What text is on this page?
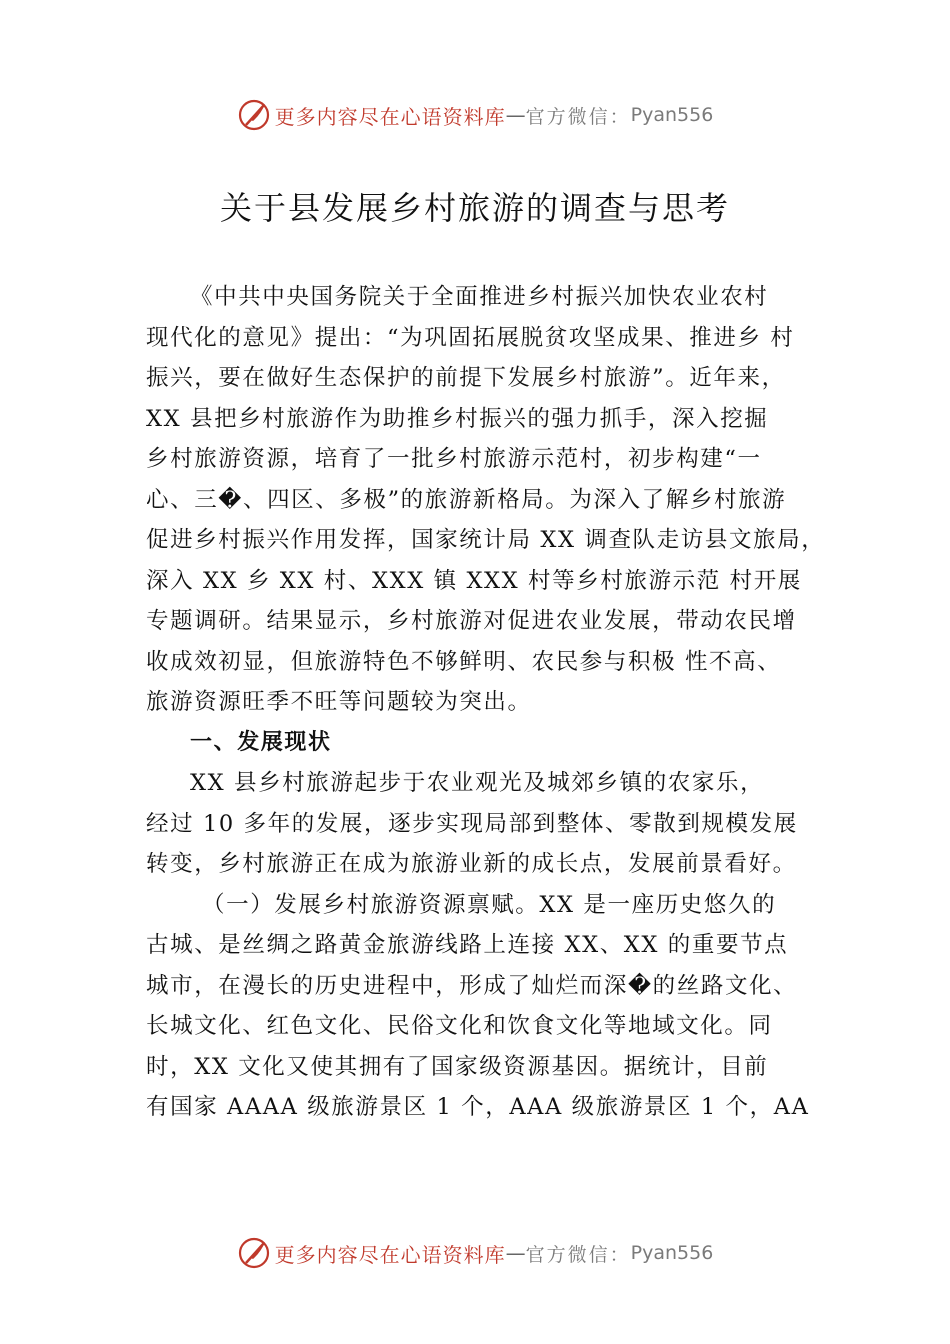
更多内容尽在心语资料库 — 官方微信： Pyan556
关于县发展乡村旅游的调查与思考
《中共中央国务院关于全面推进乡村振兴加快农业农村
现代化的意见》提出：“为巩固拓展脱贫攻坚成果、推进乡 村
振兴，要在做好生态保护的前提下发展乡村旅游”。近年来，
XX 县把乡村旅游作为助推乡村振兴的强力抓手，深入挖掘
乡村旅游资源，培育了一批乡村旅游示范村，初步构建“一
心、三�、四区、多极”的旅游新格局。为深入了解乡村旅游
促进乡村振兴作用发挥，国家统计局 XX 调查队走访县文旅局，
深入 XX 乡 XX 村、XXX 镇 XXX 村等乡村旅游示范 村开展
专题调研。结果显示，乡村旅游对促进农业发展，带动农民增
收成效初显，但旅游特色不够鲜明、农民参与积极 性不高、
旅游资源旺季不旺等问题较为突出。
一、发展现状
XX 县乡村旅游起步于农业观光及城郊乡镇的农家乐，
经过 10 多年的发展，逐步实现局部到整体、零散到规模发展
转变，乡村旅游正在成为旅游业新的成长点，发展前景看好。
（一）发展乡村旅游资源禀赋。XX 是一座历史悠久的
古城、是丝绸之路黄金旅游线路上连接 XX、XX 的重要节点
城市，在漫长的历史进程中，形成了灿烂而深�的丝路文化、
长城文化、红色文化、民俗文化和饮食文化等地域文化。同
时，XX 文化又使其拥有了国家级资源基因。据统计，目前
有国家 AAAA 级旅游景区 1 个，AAA 级旅游景区 1 个，AA
更多内容尽在心语资料库 — 官方微信： Pyan556
